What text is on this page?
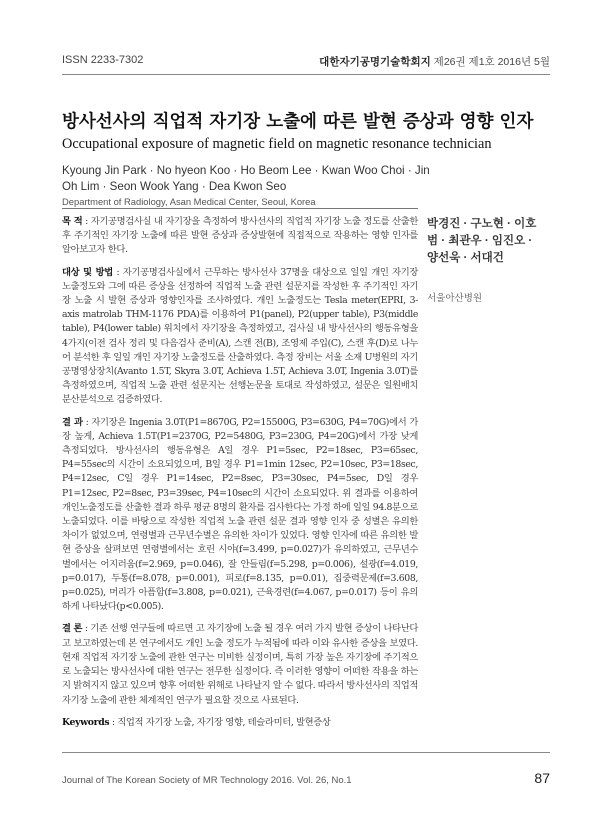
ISSN 2233-7302	대한자기공명기술학회지 제26권 제1호 2016년 5월
방사선사의 직업적 자기장 노출에 따른 발현 증상과 영향 인자
Occupational exposure of magnetic field on magnetic resonance technician
Kyoung Jin Park · No hyeon Koo · Ho Beom Lee · Kwan Woo Choi · Jin Oh Lim · Seon Wook Yang · Dea Kwon Seo
Department of Radiology, Asan Medical Center, Seoul, Korea

목 적 : 자기공명검사실 내 자기장을 측정하여 방사선사의 직업적 자기장 노출 정도를 산출한 후 주기적인 자기장 노출에 따른 발현 증상과 증상발현에 직접적으로 작용하는 영향 인자를 알아보고자 한다.

대상 및 방법 : 자기공명검사실에서 근무하는 방사선사 37명을 대상으로 일일 개인 자기장 노출정도와 그에 따른 증상을 선정하여 직업적 노출 관련 설문지를 작성한 후 주기적인 자기장 노출 시 발현 증상과 영향인자를 조사하였다. 개인 노출정도는 Tesla meter(EPRI, 3-axis matrolab THM-1176 PDA)를 이용하여 P1(panel), P2(upper table), P3(middle table), P4(lower table) 위치에서 자기장을 측정하였고, 검사실 내 방사선사의 행동유형을 4가지(이전 검사 정리 및 다음검사 준비(A), 스캔 전(B), 조영제 주입(C), 스캔 후(D)로 나누어 분석한 후 일일 개인 자기장 노출정도를 산출하였다. 측정 장비는 서울 소재 U병원의 자기공명영상장치(Avanto 1.5T, Skyra 3.0T, Achieva 1.5T, Achieva 3.0T, Ingenia 3.0T)를 측정하였으며, 직업적 노출 관련 설문지는 선행논문을 토대로 작성하였고, 설문은 일원배치분산분석으로 검증하였다.

결 과 : 자기장은 Ingenia 3.0T(P1=8670G, P2=15500G, P3=630G, P4=70G)에서 가장 높게, Achieva 1.5T(P1=2370G, P2=5480G, P3=230G, P4=20G)에서 가장 낮게 측정되었다. 방사선사의 행동유형은 A일 경우 P1=5sec, P2=18sec, P3=65sec, P4=55sec의 시간이 소요되었으며, B일 경우 P1=1min 12sec, P2=10sec, P3=18sec, P4=12sec, C일 경우 P1=14sec, P2=8sec, P3=30sec, P4=5sec, D일 경우 P1=12sec, P2=8sec, P3=39sec, P4=10sec의 시간이 소요되었다. 위 결과를 이용하여 개인노출정도를 산출한 결과 하루 평균 8명의 환자를 검사한다는 가정 하에 일일 94.8분으로 노출되었다. 이를 바탕으로 작성한 직업적 노출 관련 설문 결과 영향 인자 중 성별은 유의한 차이가 없었으며, 연령별과 근무년수별은 유의한 차이가 있었다. 영향 인자에 따른 유의한 발현 증상을 살펴보면 연령별에서는 흐린 시야(f=3.499, p=0.027)가 유의하였고, 근무년수별에서는 어지러움(f=2.969, p=0.046), 잘 안들림(f=5.298, p=0.006), 설광(f=4.019, p=0.017), 두통(f=8.078, p=0.001), 피로(f=8.135, p=0.01), 집중력문제(f=3.608, p=0.025), 머리가 아픔함(f=3.808, p=0.021), 근육경련(f=4.067, p=0.017) 등이 유의하게 나타났다(p<0.005).

결 론 : 기존 선행 연구들에 따르면 고 자기장에 노출 될 경우 여러 가지 발현 증상이 나타난다고 보고하였는데 본 연구에서도 개인 노출 정도가 누적됨에 따라 이와 유사한 증상을 보였다. 현재 직업적 자기장 노출에 관한 연구는 미비한 실정이며, 특히 가장 높은 자기장에 주기적으로 노출되는 방사선사에 대한 연구는 전무한 실정이다. 즉 이러한 영향이 어떠한 작용을 하는지 밝혀지지 않고 있으며 향후 어떠한 위해로 나타날지 알 수 없다. 따라서 방사선사의 직업적 자기장 노출에 관한 체계적인 연구가 필요할 것으로 사료된다.

Keywords : 직업적 자기장 노출, 자기장 영향, 테슬라미터, 발현증상

박경진 · 구노현 · 이호범 · 최관우 · 임진오 · 양선욱 · 서대건
서울아산병원
Journal of The Korean Society of MR Technology 2016. Vol. 26, No.1	87
